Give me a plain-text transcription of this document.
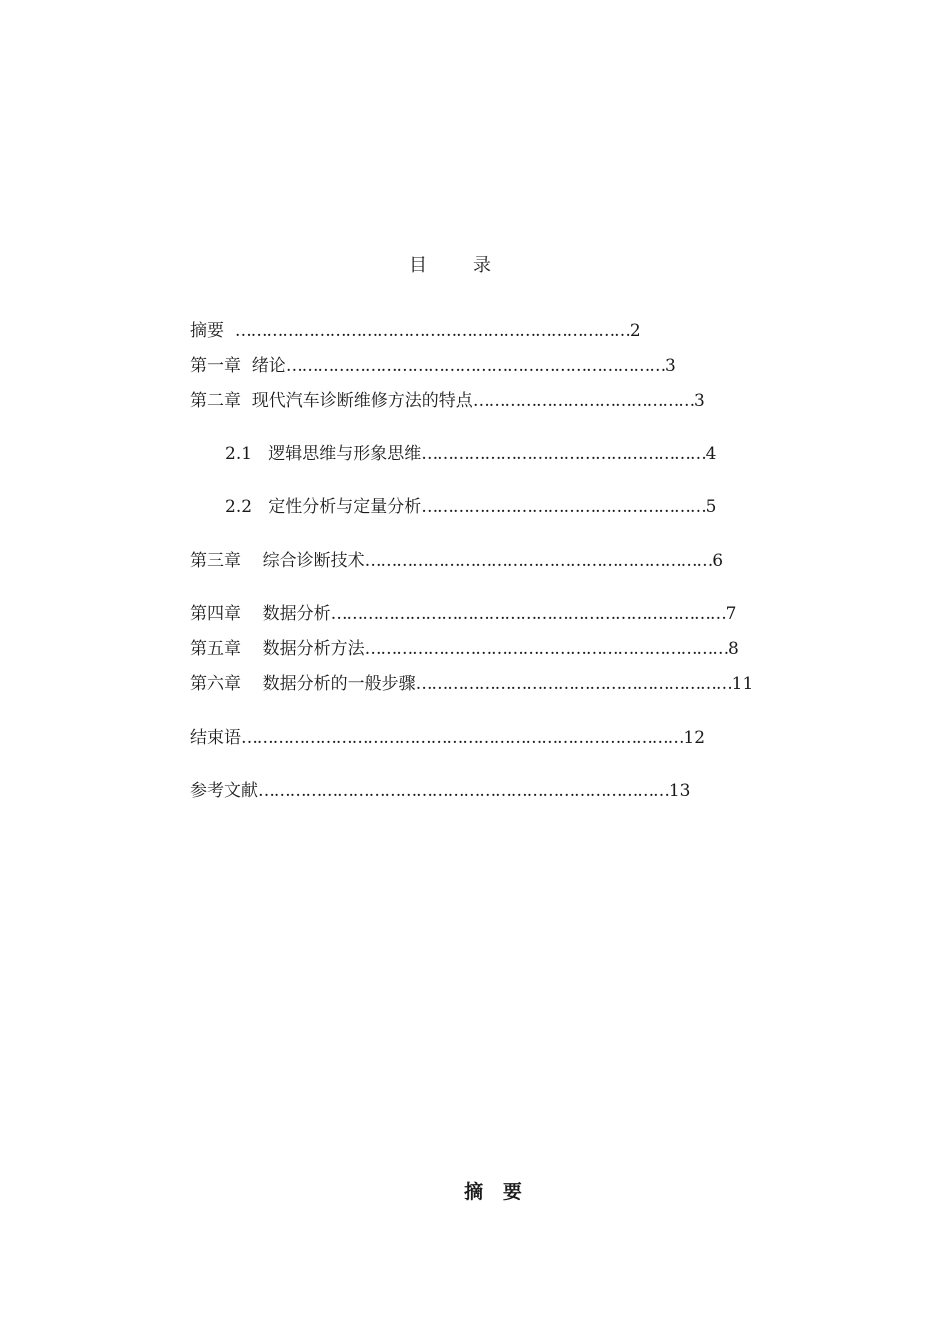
目	录
摘要  …………………………………………………………………2
第一章  绪论………………………………………………………………3
第二章  现代汽车诊断维修方法的特点……………………………………3
2.1   逻辑思维与形象思维………………………………………………4
2.2   定性分析与定量分析………………………………………………5
第三章    综合诊断技术…………………………………………………………6
第四章    数据分析…………………………………………………………………7
第五章    数据分析方法……………………………………………………………8
第六章    数据分析的一般步骤……………………………………………………11
结束语…………………………………………………………………………12
参考文献……………………………………………………………………13
摘   要
